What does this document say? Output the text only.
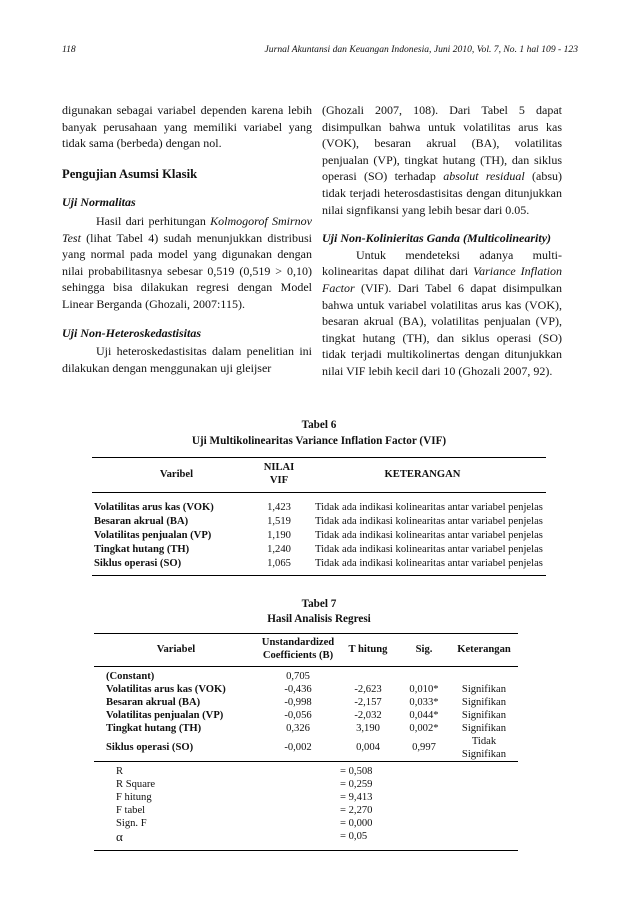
118	Jurnal Akuntansi dan Keuangan Indonesia, Juni 2010, Vol. 7, No. 1 hal 109 - 123

digunakan sebagai variabel dependen karena lebih banyak perusahaan yang memiliki variabel yang tidak sama (berbeda) dengan nol.

Pengujian Asumsi Klasik

Uji Normalitas

Hasil dari perhitungan Kolmogorof Smirnov Test (lihat Tabel 4) sudah menunjukkan distribusi yang normal pada model yang digunakan dengan nilai probabilitasnya sebesar 0,519 (0,519 > 0,10) sehingga bisa dilakukan regresi dengan Model Linear Berganda (Ghozali, 2007:115).

Uji Non-Heteroskedastisitas

Uji heteroskedastisitas dalam penelitian ini dilakukan dengan menggunakan uji gleijser

(Ghozali 2007, 108). Dari Tabel 5 dapat disimpulkan bahwa untuk volatilitas arus kas (VOK), besaran akrual (BA), volatilitas penjualan (VP), tingkat hutang (TH), dan siklus operasi (SO) terhadap absolut residual (absu) tidak terjadi heterosdastisitas dengan ditunjukkan nilai signfikansi yang lebih besar dari 0.05.

Uji Non-Kolinieritas Ganda (Multicolinearity)

Untuk mendeteksi adanya multi-kolinearitas dapat dilihat dari Variance Inflation Factor (VIF). Dari Tabel 6 dapat disimpulkan bahwa untuk variabel volatilitas arus kas (VOK), besaran akrual (BA), volatilitas penjualan (VP), tingkat hutang (TH), dan siklus operasi (SO) tidak terjadi multikolinertas dengan ditunjukkan nilai VIF lebih kecil dari 10 (Ghozali 2007, 92).

Tabel 6
Uji Multikolinearitas Variance Inflation Factor (VIF)
Varibel	NILAI VIF	KETERANGAN
Volatilitas arus kas (VOK)	1,423	Tidak ada indikasi kolinearitas antar variabel penjelas
Besaran akrual (BA)	1,519	Tidak ada indikasi kolinearitas antar variabel penjelas
Volatilitas penjualan (VP)	1,190	Tidak ada indikasi kolinearitas antar variabel penjelas
Tingkat hutang (TH)	1,240	Tidak ada indikasi kolinearitas antar variabel penjelas
Siklus operasi (SO)	1,065	Tidak ada indikasi kolinearitas antar variabel penjelas
Tabel 7
Hasil Analisis Regresi
Variabel	Unstandardized Coefficients (B)	T hitung	Sig.	Keterangan
(Constant)	0,705			
Volatilitas arus kas (VOK)	-0,436	-2,623	0,010*	Signifikan
Besaran akrual (BA)	-0,998	-2,157	0,033*	Signifikan
Volatilitas penjualan (VP)	-0,056	-2,032	0,044*	Signifikan
Tingkat hutang (TH)	0,326	3,190	0,002*	Signifikan
Siklus operasi (SO)	-0,002	0,004	0,997	Tidak Signifikan
R		= 0,508		
R Square		= 0,259		
F hitung		= 9,413		
F tabel		= 2,270		
Sign. F		= 0,000		
α		= 0,05		
